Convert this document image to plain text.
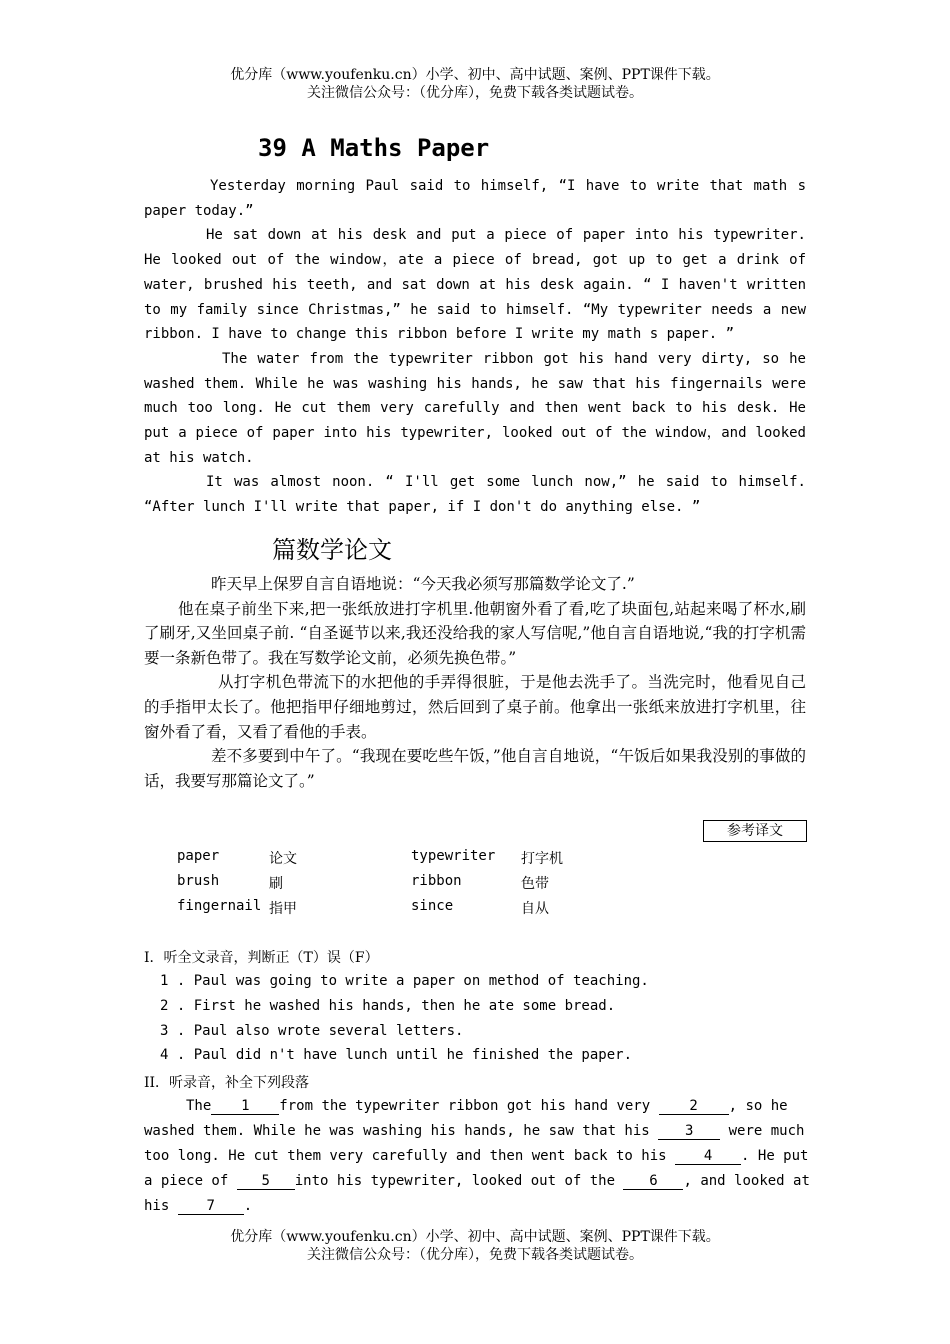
优分库（www.youfenku.cn）小学、初中、高中试题、案例、PPT课件下载。
关注微信公众号：（优分库），免费下载各类试题试卷。
39 A Maths Paper

Yesterday morning Paul said to himself, “I have to write that math s paper today.”

He sat down at his desk and put a piece of paper into his typewriter. He looked out of the window，ate a piece of bread, got up to get a drink of water, brushed his teeth, and sat down at his desk again. “ I haven't written to my family since Christmas,” he said to himself. “My typewriter needs a new ribbon. I have to change this ribbon before I write my math s paper. ”

The water from the typewriter ribbon got his hand very dirty, so he washed them. While he was washing his hands, he saw that his fingernails were much too long. He cut them very carefully and then went back to his desk. He put a piece of paper into his typewriter, looked out of the window，and looked at his watch.

It was almost noon. “ I'll get some lunch now,” he said to himself. “After lunch I'll write that paper, if I don't do anything else. ”

篇数学论文

昨天早上保罗自言自语地说：“今天我必须写那篇数学论文了.”

他在桌子前坐下来,把一张纸放进打字机里.他朝窗外看了看,吃了块面包,站起来喝了杯水,刷了刷牙,又坐回桌子前. “自圣诞节以来,我还没给我的家人写信呢,”他自言自语地说,“我的打字机需要一条新色带了。我在写数学论文前，必须先换色带。”

从打字机色带流下的水把他的手弄得很脏，于是他去洗手了。当洗完时，他看见自己的手指甲太长了。他把指甲仔细地剪过，然后回到了桌子前。他拿出一张纸来放进打字机里，往窗外看了看，又看了看他的手表。

差不多要到中午了。“我现在要吃些午饭，”他自言自地说，“午饭后如果我没别的事做的话，我要写那篇论文了。”

参考译文
paper	论文	typewriter 打字机
brush	刷	ribbon	色带
fingernail 指甲	since	自从
I．听全文录音，判断正（T）误（F）
1 . Paul was going to write a paper on method of teaching.
2 . First he washed his hands, then he ate some bread.
3 . Paul also wrote several letters.
4 . Paul did n't have lunch until he finished the paper.
II．听录音，补全下列段落
The 1 from the typewriter ribbon got his hand very	2 , so he
washed them. While he was washing his hands, he saw that his	3	were much
too long. He cut them very carefully and then went back to his	4 . He put
a piece of 5 into his typewriter, looked out of the 6 , and looked at
his	7 .
优分库（www.youfenku.cn）小学、初中、高中试题、案例、PPT课件下载。
关注微信公众号：（优分库），免费下载各类试题试卷。
